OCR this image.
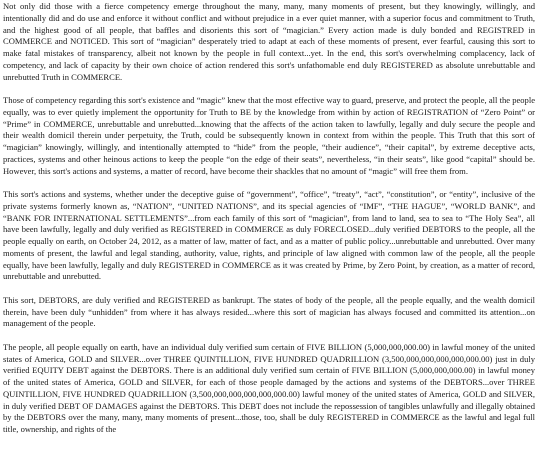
Not only did those with a fierce competency emerge throughout the many, many, many moments of present, but they knowingly, willingly, and intentionally did and do use and enforce it without conflict and without prejudice in a ever quiet manner, with a superior focus and commitment to Truth, and the highest good of all people, that baffles and disorients this sort of “magician.” Every action made is duly bonded and REGISTRED in COMMERCE and NOTICED. This sort of “magician” desperately tried to adapt at each of these moments of present, ever fearful, causing this sort to make fatal mistakes of transparency, albeit not known by the people in full context...yet. In the end, this sort's overwhelming complacency, lack of competency, and lack of capacity by their own choice of action rendered this sort's unfathomable end duly REGISTERED as absolute unrebuttable and unrebutted Truth in COMMERCE.

Those of competency regarding this sort's existence and “magic” knew that the most effective way to guard, preserve, and protect the people, all the people equally, was to ever quietly implement the opportunity for Truth to BE by the knowledge from within by action of REGISTRATION of “Zero Point” or “Prime” in COMMERCE, unrebuttable and unrebutted...knowing that the affects of the action taken to lawfully, legally and duly secure the people and their wealth domicil therein under perpetuity, the Truth, could be subsequently known in context from within the people. This Truth that this sort of “magician” knowingly, willingly, and intentionally attempted to “hide” from the people, “their audience”, “their capital”, by extreme deceptive acts, practices, systems and other heinous actions to keep the people “on the edge of their seats”, nevertheless, “in their seats”, like good “capital” should be. However, this sort's actions and systems, a matter of record, have become their shackles that no amount of “magic” will free them from.

This sort's actions and systems, whether under the deceptive guise of “government”, “office”, “treaty”, “act”, “constitution”, or “entity”, inclusive of the private systems formerly known as, “NATION”, “UNITED NATIONS”, and its special agencies of “IMF”, “THE HAGUE”, “WORLD BANK”, and “BANK FOR INTERNATIONAL SETTLEMENTS”...from each family of this sort of “magician”, from land to land, sea to sea to “The Holy Sea”, all have been lawfully, legally and duly verified as REGISTERED in COMMERCE as duly FORECLOSED...duly verified DEBTORS to the people, all the people equally on earth, on October 24, 2012, as a matter of law, matter of fact, and as a matter of public policy...unrebuttable and unrebutted. Over many moments of present, the lawful and legal standing, authority, value, rights, and principle of law aligned with common law of the people, all the people equally, have been lawfully, legally and duly REGISTERED in COMMERCE as it was created by Prime, by Zero Point, by creation, as a matter of record, unrebuttable and unrebutted.

This sort, DEBTORS, are duly verified and REGISTERED as bankrupt. The states of body of the people, all the people equally, and the wealth domicil therein, have been duly “unhidden” from where it has always resided...where this sort of magician has always focused and committed its attention...on management of the people.

The people, all people equally on earth, have an individual duly verified sum certain of FIVE BILLION (5,000,000,000.00) in lawful money of the united states of America, GOLD and SILVER...over THREE QUINTILLION, FIVE HUNDRED QUADRILLION (3,500,000,000,000,000,000.00) just in duly verified EQUITY DEBT against the DEBTORS. There is an additional duly verified sum certain of FIVE BILLION (5,000,000,000.00) in lawful money of the united states of America, GOLD and SILVER, for each of those people damaged by the actions and systems of the DEBTORS...over THREE QUINTILLION, FIVE HUNDRED QUADRILLION (3,500,000,000,000,000,000.00) lawful money of the united states of America, GOLD and SILVER, in duly verified DEBT OF DAMAGES against the DEBTORS. This DEBT does not include the repossession of tangibles unlawfully and illegally obtained by the DEBTORS over the many, many, many moments of present...those, too, shall be duly REGISTERED in COMMERCE as the lawful and legal full title, ownership, and rights of the
